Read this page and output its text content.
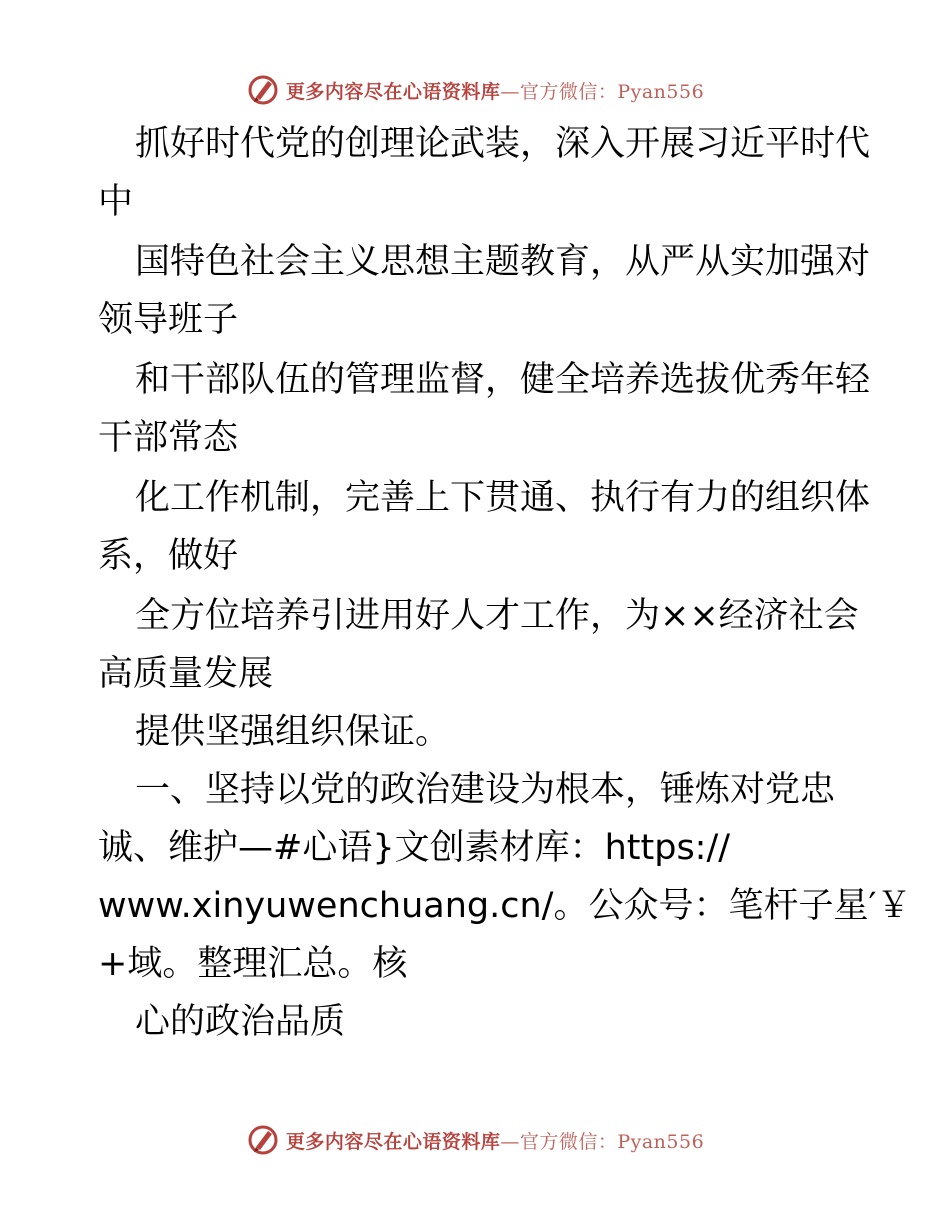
更多内容尽在心语资料库—官方微信：Pyan556
抓好时代党的创理论武装，深入开展习近平时代
中
国特色社会主义思想主题教育，从严从实加强对
领导班子
和干部队伍的管理监督，健全培养选拔优秀年轻
干部常态
化工作机制，完善上下贯通、执行有力的组织体
系，做好
全方位培养引进用好人才工作，为××经济社会
高质量发展
提供坚强组织保证。
一、坚持以党的政治建设为根本，锤炼对党忠
诚、维护—#心语}文创素材库：https://
www.xinyuwenchuang.cn/。公众号：笔杆子星′￥
+域。整理汇总。核
心的政治品质
更多内容尽在心语资料库—官方微信：Pyan556
